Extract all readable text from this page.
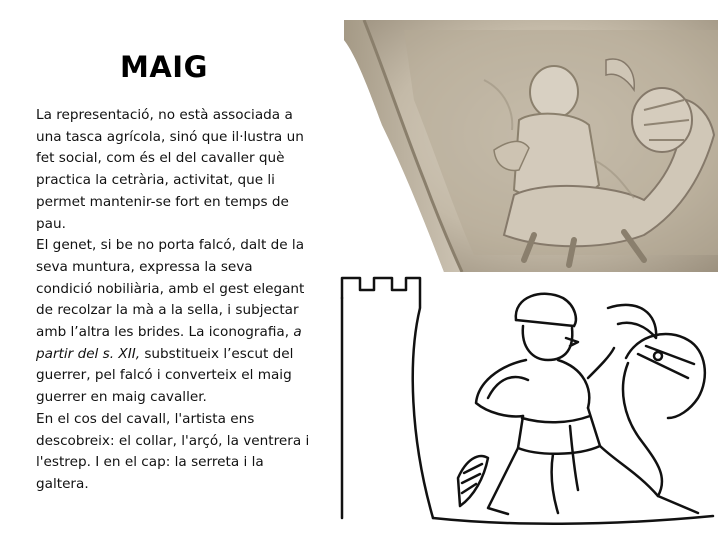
MAIG

La representació, no està associada a una tasca agrícola, sinó que il·lustra un fet social, com és el del cavaller què practica la cetrària, activitat, que li permet mantenir-se fort en temps de pau.

El genet, si be no porta falcó, dalt de la seva muntura, expressa la seva condició nobiliària, amb el gest elegant de recolzar la mà a la sella, i subjectar amb l’altra les brides. La iconografia, a partir del s. XII, substitueix l’escut del guerrer, pel falcó i converteix el maig guerrer en maig cavaller.

En el cos del cavall, l'artista ens descobreix: el collar, l'arçó, la ventrera i l'estrep. I en el cap: la serreta i la galtera.
